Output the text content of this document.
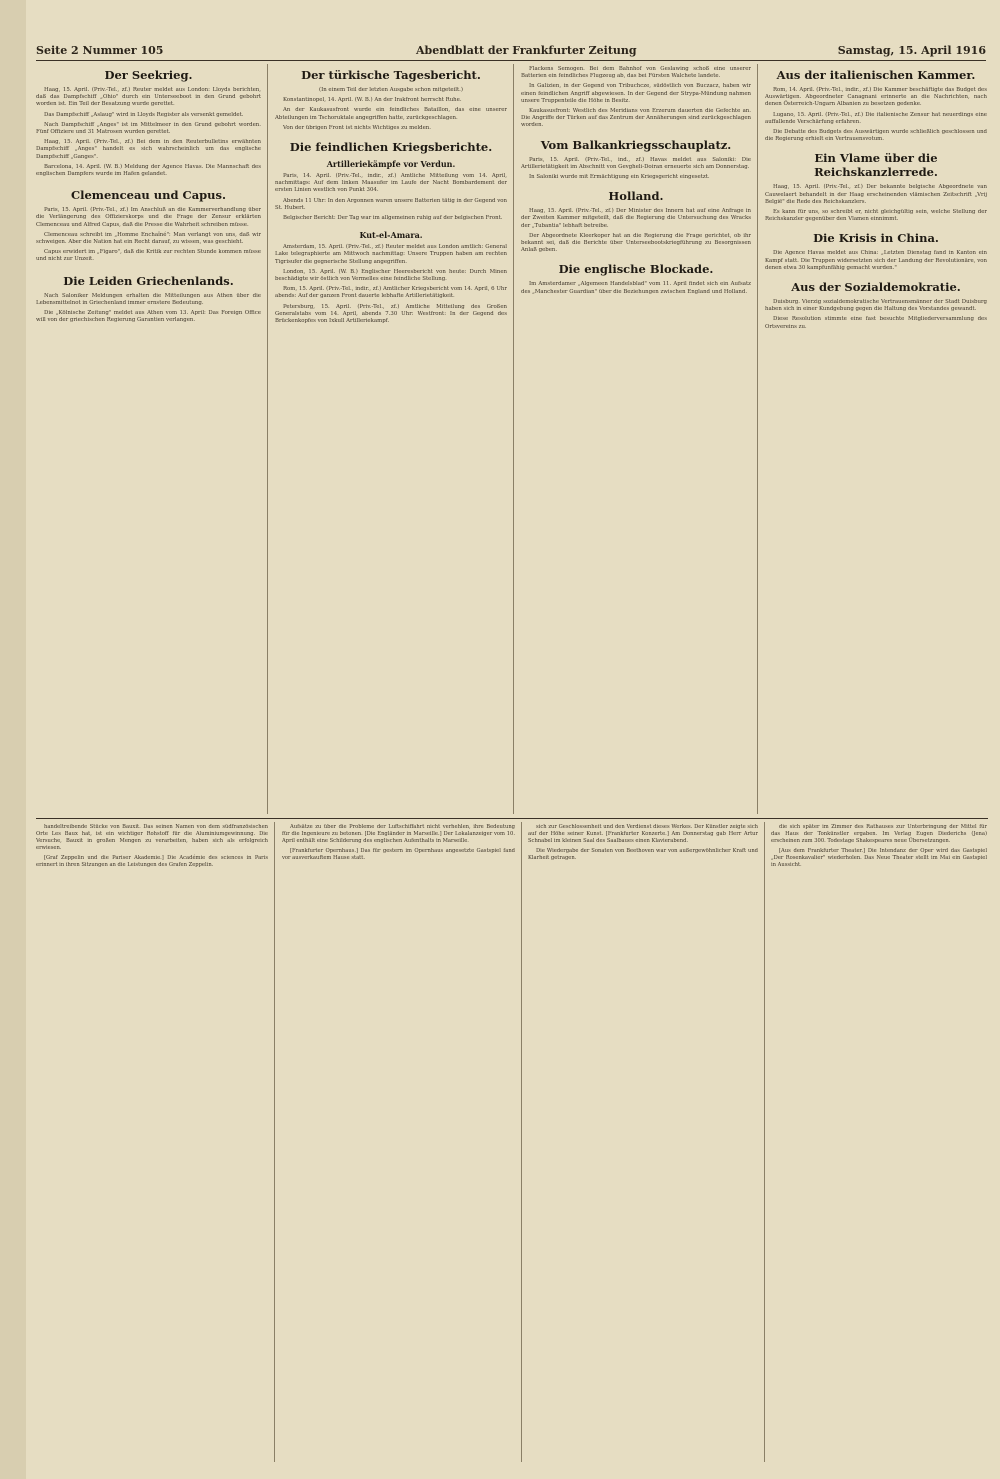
Seite 2 Nummer 105	Abendblatt der Frankfurter Zeitung	Samstag, 15. April 1916
Der Seekrieg.

Haag, 15. April. (Priv.-Tel., zf.) Reuter meldet aus London: Lloyds berichten, daß das Dampfschiff „Ohio" durch ein Unterseeboot in den Grund gebohrt worden ist. Ein Teil der Besatzung wurde gerettet.

Das Dampfschiff „Aslaug" wird in Lloyds Register als versenkt gemeldet.

Nach Dampfschiff „Anges" ist im Mittelmeer in den Grund gebohrt worden. Fünf Offiziere und 31 Matrosen wurden gerettet.

Haag, 15. April. (Priv.-Tel., zf.) Bei dem in den Reuterbulletins erwähnten Dampfschiff „Anges" handelt es sich wahrscheinlich um das englische Dampfschiff „Ganges".

Barcelona, 14. April. (W. B.) Meldung der Agence Havas. Die Mannschaft des englischen Dampfers wurde im Hafen gelandet.

Clemenceau und Capus.

Paris, 15. April. (Priv.-Tel., zf.) Im Anschluß an die Kammerverhandlung über die Verlängerung des Offizierskorps und die Frage der Zensur erklärten Clemenceau und Alfred Capus, daß die Presse die Wahrheit schreiben müsse.

Clemenceau schreibt im „Homme Enchaîné": Man verlangt von uns, daß wir schweigen. Aber die Nation hat ein Recht darauf, zu wissen, was geschieht.

Capus erwidert im „Figaro", daß die Kritik zur rechten Stunde kommen müsse und nicht zur Unzeit.

Die Leiden Griechenlands.

Nach Saloniker Meldungen erhalten die Mitteilungen aus Athen über die Lebensmittelnot in Griechenland immer ernstere Bedeutung.

Die „Kölnische Zeitung" meldet aus Athen vom 13. April: Das Foreign Office will von der griechischen Regierung Garantien verlangen.

Der türkische Tagesbericht.

(In einem Teil der letzten Ausgabe schon mitgeteilt.)

Konstantinopel, 14. April. (W. B.) An der Irakfront herrscht Ruhe.

An der Kaukasusfront wurde ein feindliches Bataillon, das eine unserer Abteilungen im Tschoruktale angegriffen hatte, zurückgeschlagen.

Von der übrigen Front ist nichts Wichtiges zu melden.

Die feindlichen Kriegsberichte.
Artilleriekämpfe vor Verdun.

Paris, 14. April. (Priv.-Tel., indir., zf.) Amtliche Mitteilung vom 14. April, nachmittags: Auf dem linken Maasufer im Laufe der Nacht Bombardement der ersten Linien westlich von Punkt 304.

Abends 11 Uhr: In den Argonnen waren unsere Batterien tätig in der Gegend von St. Hubert.

Belgischer Bericht: Der Tag war im allgemeinen ruhig auf der belgischen Front.

Kut-el-Amara.

Amsterdam, 15. April. (Priv.-Tel., zf.) Reuter meldet aus London amtlich: General Lake telegraphierte am Mittwoch nachmittag: Unsere Truppen haben am rechten Tigrisufer die gegnerische Stellung angegriffen.

London, 15. April. (W. B.) Englischer Heeresbericht von heute: Durch Minen beschädigte wir östlich von Vermelles eine feindliche Stellung.

Rom, 15. April. (Priv.-Tel., indir., zf.) Amtlicher Kriegsbericht vom 14. April, 6 Uhr abends: Auf der ganzen Front dauerte lebhafte Artillerietätigkeit.

Petersburg, 15. April. (Priv.-Tel., zf.) Amtliche Mitteilung des Großen Generalstabs vom 14. April, abends 7.30 Uhr: Westfront: In der Gegend des Brückenkopfes von Ixkull Artilleriekampf.

Flackens Semogen. Bei dem Bahnhof von Geslawing schoß eine unserer Batterien ein feindliches Flugzeug ab, das bei Fürsten Walchete landete.

In Galizien, in der Gegend von Tribuchcze, südöstlich von Buczacz, haben wir einen feindlichen Angriff abgewiesen. In der Gegend der Strypa-Mündung nahmen unsere Truppenteile die Höhe in Besitz.

Kaukasusfront: Westlich des Meridians von Erzerum dauerten die Gefechte an. Die Angriffe der Türken auf das Zentrum der Annäherungen sind zurückgeschlagen worden.

Vom Balkankriegsschauplatz.

Paris, 15. April. (Priv.-Tel., ind., zf.) Havas meldet aus Saloniki: Die Artillerietätigkeit im Abschnitt von Gevgheli-Doiran erneuerte sich am Donnerstag.

In Saloniki wurde mit Ermächtigung ein Kriegsgericht eingesetzt.

Holland.

Haag, 15. April. (Priv.-Tel., zf.) Der Minister des Innern hat auf eine Anfrage in der Zweiten Kammer mitgeteilt, daß die Regierung die Untersuchung des Wracks der „Tubantia" lebhaft betreibe.

Der Abgeordnete Kleerkoper hat an die Regierung die Frage gerichtet, ob ihr bekannt sei, daß die Berichte über Unterseebootskriegführung zu Besorgnissen Anlaß geben.

Die englische Blockade.

Im Amsterdamer „Algemeen Handelsblad" vom 11. April findet sich ein Aufsatz des „Manchester Guardian" über die Beziehungen zwischen England und Holland.

Aus der italienischen Kammer.

Rom, 14. April. (Priv.-Tel., indir., zf.) Die Kammer beschäftigte das Budget des Auswärtigen. Abgeordneter Canagnani erinnerte an die Nachrichten, nach denen Österreich-Ungarn Albanien zu besetzen gedenke.

Lugano, 15. April. (Priv.-Tel., zf.) Die italienische Zensur hat neuerdings eine auffallende Verschärfung erfahren.

Die Debatte des Budgets des Auswärtigen wurde schließlich geschlossen und die Regierung erhielt ein Vertrauensvotum.

Ein Vlame über die Reichskanzlerrede.

Haag, 15. April. (Priv.-Tel., zf.) Der bekannte belgische Abgeordnete van Cauwelaert behandelt in der Haag erscheinenden vlämischen Zeitschrift „Vrij België" die Rede des Reichskanzlers.

Es kann für uns, so schreibt er, nicht gleichgültig sein, welche Stellung der Reichskanzler gegenüber den Vlamen einnimmt.

Die Krisis in China.

Die Agence Havas meldet aus China: „Letzten Dienstag fand in Kanton ein Kampf statt. Die Truppen widersetzten sich der Landung der Revolutionäre, von denen etwa 30 kampfunfähig gemacht wurden."

Aus der Sozialdemokratie.

Duisburg. Vierzig sozialdemokratische Vertrauensmänner der Stadt Duisburg haben sich in einer Kundgebung gegen die Haltung des Vorstandes gewandt.

Diese Resolution stimmte eine fast besuchte Mitgliederversammlung des Ortsvereins zu.

handeltreibende Stücke von Bauxit. Das seinen Namen von dem südfranzösischen Orte Les Baux hat, ist ein wichtiger Rohstoff für die Aluminiumgewinnung. Die Versuche, Bauxit in großen Mengen zu verarbeiten, haben sich als erfolgreich erwiesen.

[Graf Zeppelin und die Pariser Akademie.] Die Académie des sciences in Paris erinnert in ihren Sitzungen an die Leistungen des Grafen Zeppelin.

Aufsätze zu über die Probleme der Luftschiffahrt nicht verhehlen, ihre Bedeutung für die Ingenieure zu betonen. [Die Engländer in Marseille.] Der Lokalanzeiger vom 10. April enthält eine Schilderung des englischen Aufenthalts in Marseille.

[Frankfurter Opernhaus.] Das für gestern im Opernhaus angesetzte Gastspiel fand vor ausverkauftem Hause statt.

sich zur Geschlossenheit und den Verdienst dieses Werkes. Der Künstler zeigte sich auf der Höhe seiner Kunst. [Frankfurter Konzerte.] Am Donnerstag gab Herr Artur Schnabel im kleinen Saal des Saalbaues einen Klavierabend.

Die Wiedergabe der Sonaten von Beethoven war von außergewöhnlicher Kraft und Klarheit getragen.

die sich später im Zimmer des Rathauses zur Unterbringung der Mittel für das Haus der Tonkünstler ergaben. Im Verlag Eugen Diederichs (Jena) erscheinen zum 300. Todestage Shakespeares neue Übersetzungen.

[Aus dem Frankfurter Theater.] Die Intendanz der Oper wird das Gastspiel „Der Rosenkavalier" wiederholen. Das Neue Theater stellt im Mai ein Gastspiel in Aussicht.
